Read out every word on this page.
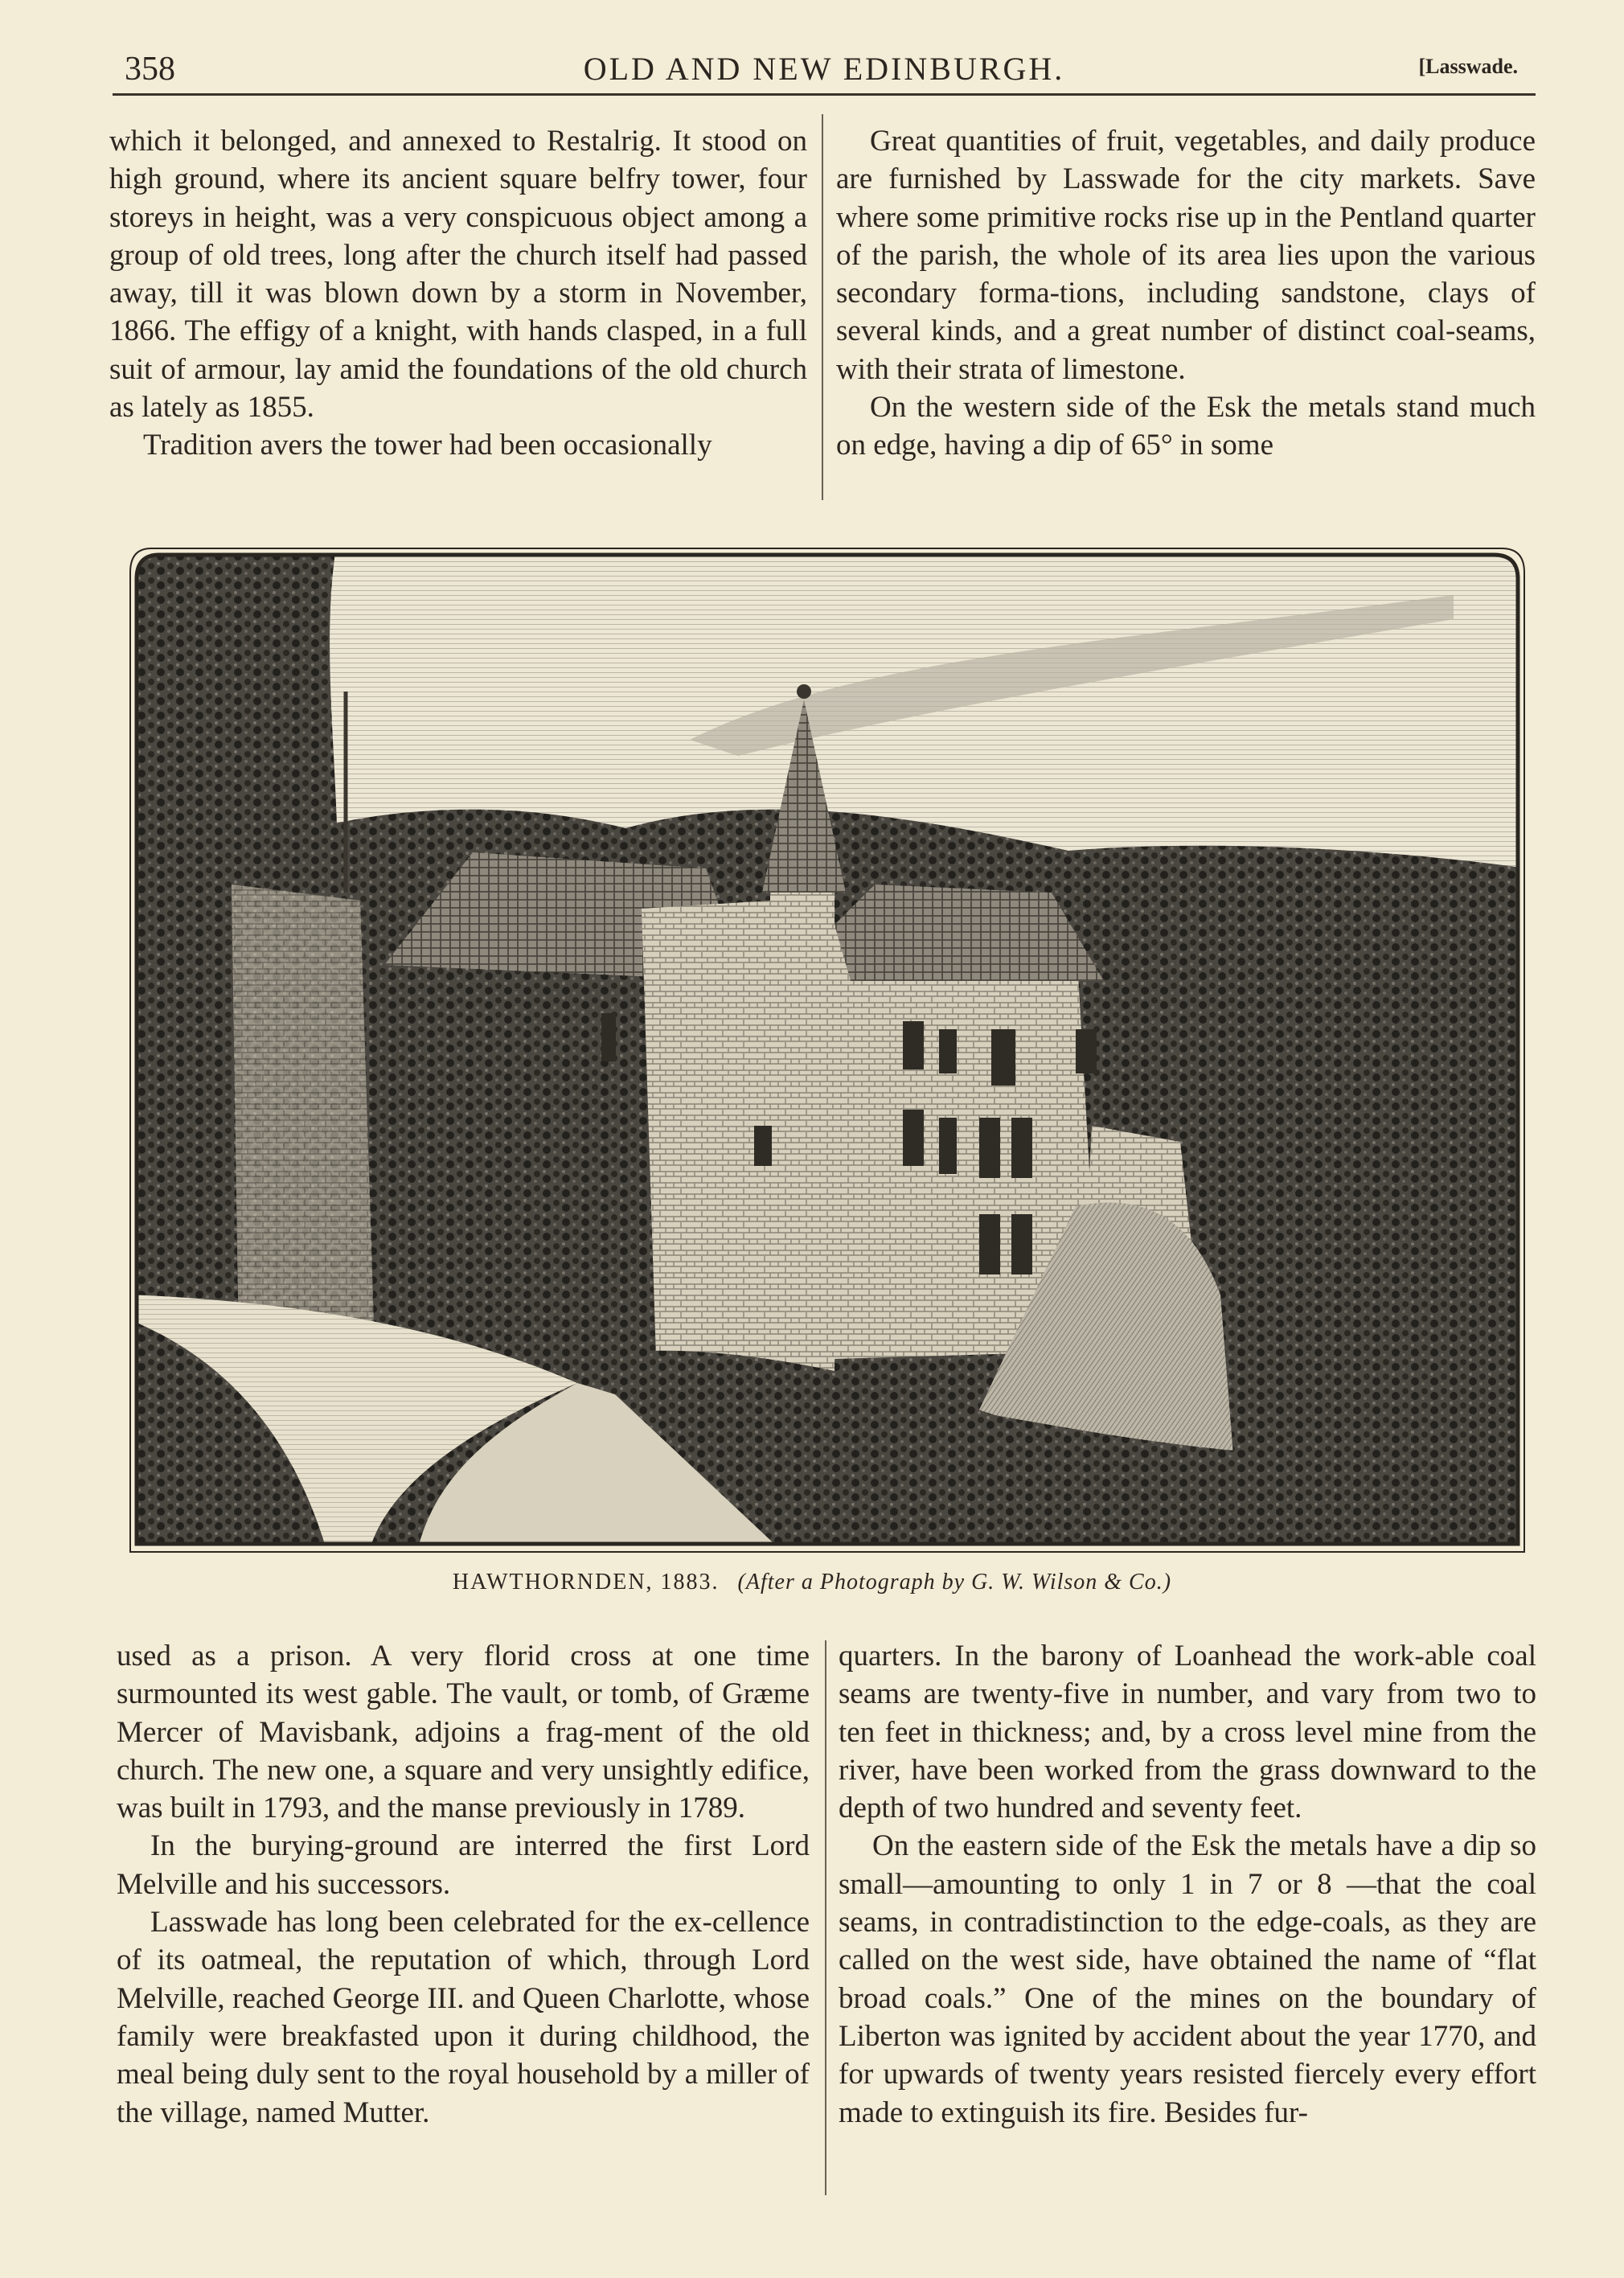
358	OLD AND NEW EDINBURGH.	[Lasswade.

which it belonged, and annexed to Restalrig. It stood on high ground, where its ancient square belfry tower, four storeys in height, was a very conspicuous object among a group of old trees, long after the church itself had passed away, till it was blown down by a storm in November, 1866. The effigy of a knight, with hands clasped, in a full suit of armour, lay amid the foundations of the old church as lately as 1855.

Tradition avers the tower had been occasionally

Great quantities of fruit, vegetables, and daily produce are furnished by Lasswade for the city markets. Save where some primitive rocks rise up in the Pentland quarter of the parish, the whole of its area lies upon the various secondary forma-tions, including sandstone, clays of several kinds, and a great number of distinct coal-seams, with their strata of limestone.

On the western side of the Esk the metals stand much on edge, having a dip of 65° in some

HAWTHORNDEN, 1883. (After a Photograph by G. W. Wilson & Co.)

used as a prison. A very florid cross at one time surmounted its west gable. The vault, or tomb, of Græme Mercer of Mavisbank, adjoins a frag-ment of the old church. The new one, a square and very unsightly edifice, was built in 1793, and the manse previously in 1789.

In the burying-ground are interred the first Lord Melville and his successors.

Lasswade has long been celebrated for the ex-cellence of its oatmeal, the reputation of which, through Lord Melville, reached George III. and Queen Charlotte, whose family were breakfasted upon it during childhood, the meal being duly sent to the royal household by a miller of the village, named Mutter.

quarters. In the barony of Loanhead the work-able coal seams are twenty-five in number, and vary from two to ten feet in thickness; and, by a cross level mine from the river, have been worked from the grass downward to the depth of two hundred and seventy feet.

On the eastern side of the Esk the metals have a dip so small—amounting to only 1 in 7 or 8 —that the coal seams, in contradistinction to the edge-coals, as they are called on the west side, have obtained the name of “flat broad coals.” One of the mines on the boundary of Liberton was ignited by accident about the year 1770, and for upwards of twenty years resisted fiercely every effort made to extinguish its fire. Besides fur-
